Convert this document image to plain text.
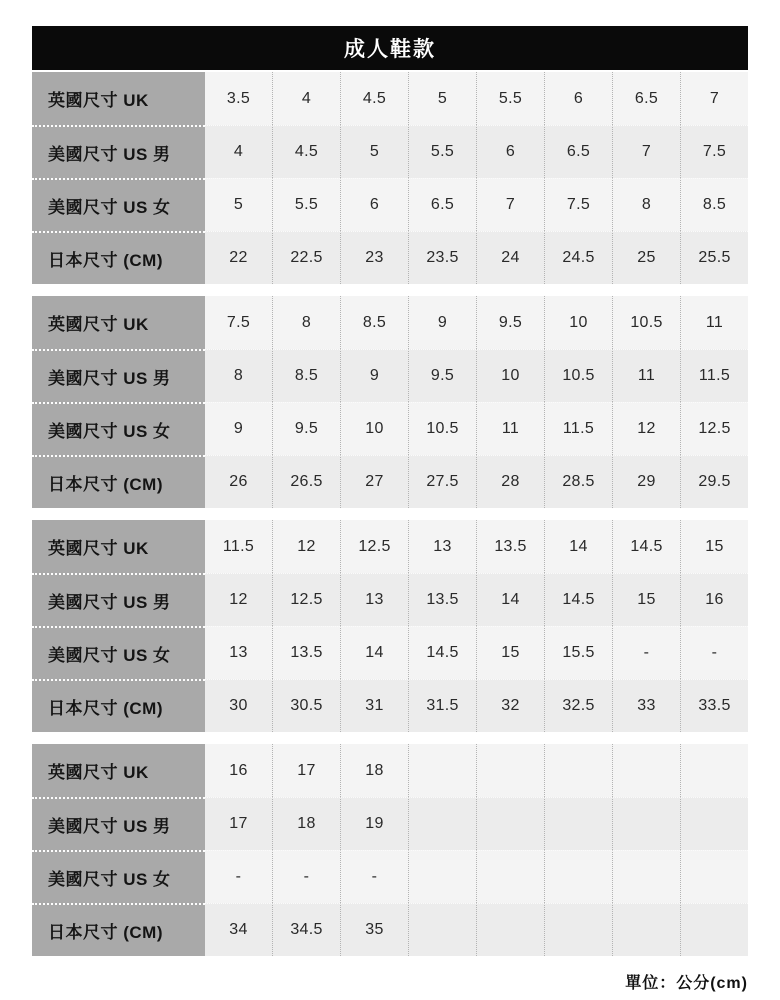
成人鞋款
英國尺寸 UK	3.5	4	4.5	5	5.5	6	6.5	7
美國尺寸 US 男	4	4.5	5	5.5	6	6.5	7	7.5
美國尺寸 US 女	5	5.5	6	6.5	7	7.5	8	8.5
日本尺寸 (CM)	22	22.5	23	23.5	24	24.5	25	25.5
英國尺寸 UK	7.5	8	8.5	9	9.5	10	10.5	11
美國尺寸 US 男	8	8.5	9	9.5	10	10.5	11	11.5
美國尺寸 US 女	9	9.5	10	10.5	11	11.5	12	12.5
日本尺寸 (CM)	26	26.5	27	27.5	28	28.5	29	29.5
英國尺寸 UK	11.5	12	12.5	13	13.5	14	14.5	15
美國尺寸 US 男	12	12.5	13	13.5	14	14.5	15	16
美國尺寸 US 女	13	13.5	14	14.5	15	15.5	-	-
日本尺寸 (CM)	30	30.5	31	31.5	32	32.5	33	33.5
英國尺寸 UK	16	17	18
美國尺寸 US 男	17	18	19
美國尺寸 US 女	-	-	-
日本尺寸 (CM)	34	34.5	35
單位：公分(cm)
